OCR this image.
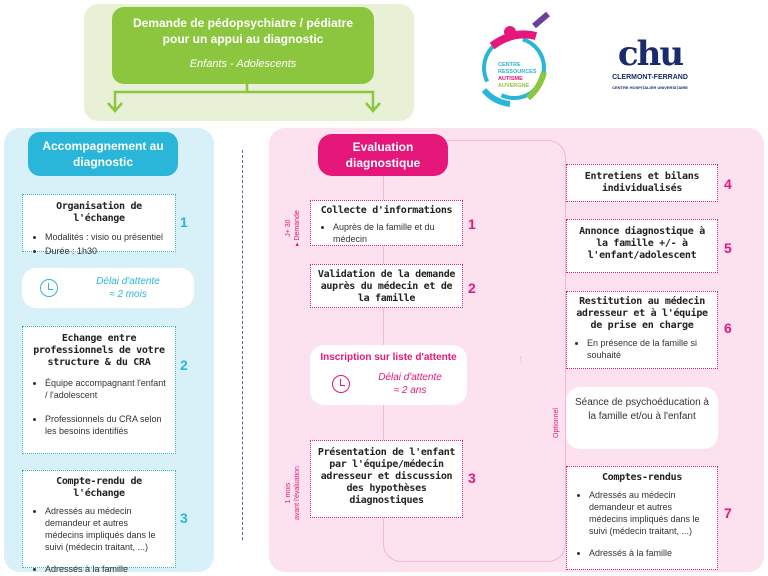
Demande de pédopsychiatre / pédiatre pour un appui au diagnostic
Enfants - Adolescents	CENTRE
RESSOURCES
AUTISME
AUVERGNE
chu
CLERMONT-FERRAND
CENTRE HOSPITALIER UNIVERSITAIRE
Accompagnement au diagnostic
Organisation de l'échange
• Modalités : visio ou présentiel
• Durée : 1h30
1
Délai d'attente
≈ 2 mois
Echange entre professionnels de votre structure & du CRA
• Équipe accompagnant l'enfant / l'adolescent
• Professionnels du CRA selon les besoins identifiés
2
Compte-rendu de l'échange
• Adressés au médecin demandeur et autres médecins impliqués dans le suivi (médecin traitant, ...)
• Adressés à la famille
3
↑
Evaluation diagnostique
J+ 30 ▸ Demande
1 mois avant l'évaluation
Optionnel
Collecte d'informations
• Auprès de la famille et du médecin
1
Validation de la demande auprès du médecin et de la famille
2
Inscription sur liste d'attente
Délai d'attente
≈ 2 ans
Présentation de l'enfant par l'équipe/médecin adresseur et discussion des hypothèses diagnostiques
3
Entretiens et bilans individualisés	4
Annonce diagnostique à la famille +/- à l'enfant/adolescent	5
Restitution au médecin adresseur et à l'équipe de prise en charge
• En présence de la famille si souhaité
6
Séance de psychoéducation à la famille et/ou à l'enfant
Comptes-rendus
• Adressés au médecin demandeur et autres médecins impliqués dans le suivi (médecin traitant, ...)
• Adressés à la famille
7
